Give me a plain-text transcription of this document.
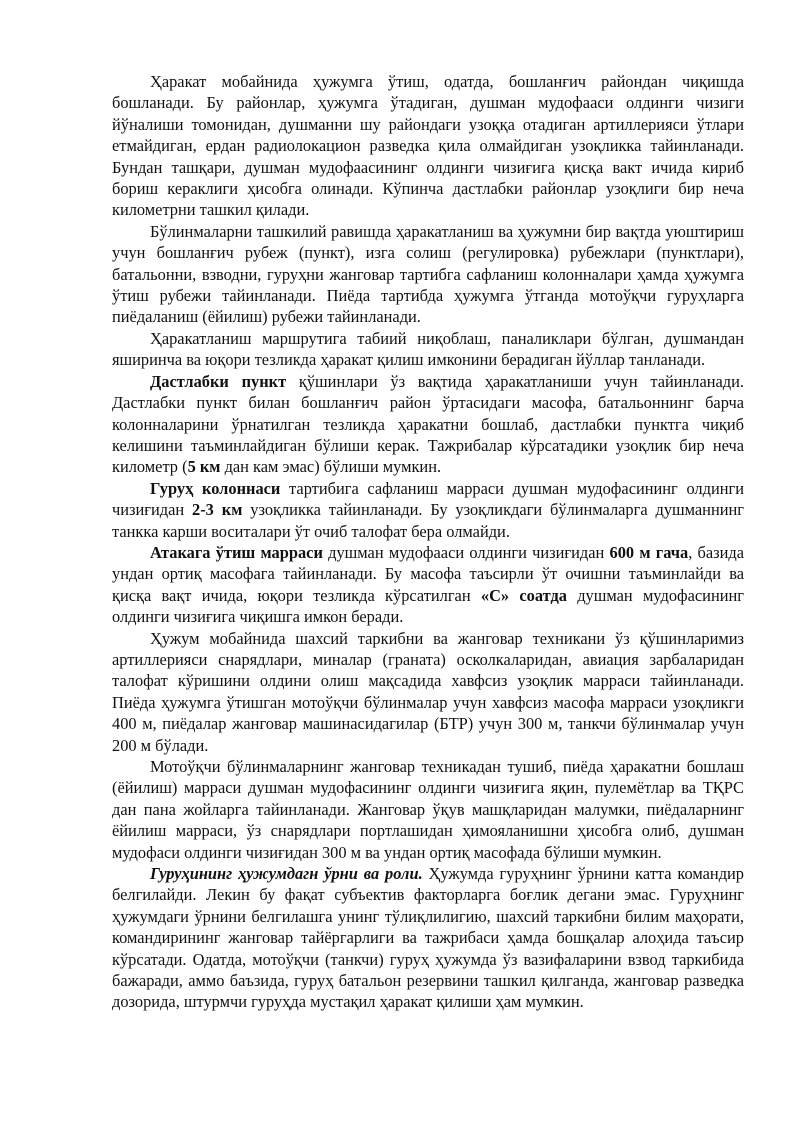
Ҳаракат мобайнида ҳужумга ўтиш, одатда, бошланғич райондан чиқишда бошланади. Бу районлар, ҳужумга ўтадиган, душман мудофааси олдинги чизиги йўналиши томонидан, душманни шу райондаги узоққа отадиган артиллерияси ўтлари етмайдиган, ердан радиолокацион разведка қила олмайдиган узоқликка тайинланади. Бундан ташқари, душман мудофаасининг олдинги чизиғига қисқа вакт ичида кириб бориш кераклиги ҳисобга олинади. Кўпинча дастлабки районлар узоқлиги бир неча километрни ташкил қилади.

Бўлинмаларни ташкилий равишда ҳаракатланиш ва ҳужумни бир вақтда уюштириш учун бошланғич рубеж (пункт), изга солиш (регулировка) рубежлари (пунктлари), батальонни, взводни, гуруҳни жанговар тартибга сафланиш колонналари ҳамда ҳужумга ўтиш рубежи тайинланади. Пиёда тартибда ҳужумга ўтганда мотоўқчи гуруҳларга пиёдаланиш (ёйилиш) рубежи тайинланади.

Ҳаракатланиш маршрутига табиий ниқоблаш, паналиклари бўлган, душмандан яширинча ва юқори тезликда ҳаракат қилиш имконини берадиган йўллар танланади.

Дастлабки пункт қўшинлари ўз вақтида ҳаракатланиши учун тайинланади. Дастлабки пункт билан бошланғич район ўртасидаги масофа, батальоннинг барча колонналарини ўрнатилган тезликда ҳаракатни бошлаб, дастлабки пунктга чиқиб келишини таъминлайдиган бўлиши керак. Тажрибалар кўрсатадики узоқлик бир неча километр (5 км дан кам эмас) бўлиши мумкин.

Гуруҳ колоннаси тартибига сафланиш марраси душман мудофасининг олдинги чизиғидан 2-3 км узоқликка тайинланади. Бу узоқликдаги бўлинмаларга душманнинг танкка карши воситалари ўт очиб талофат бера олмайди.

Атакага ўтиш марраси душман мудофааси олдинги чизиғидан 600 м гача, базида ундан ортиқ масофага тайинланади. Бу масофа таъсирли ўт очишни таъминлайди ва қисқа вақт ичида, юқори тезликда кўрсатилган «С» соатда душман мудофасининг олдинги чизиғига чиқишга имкон беради.

Ҳужум мобайнида шахсий таркибни ва жанговар техникани ўз қўшинларимиз артиллерияси снарядлари, миналар (граната) осколкаларидан, авиация зарбаларидан талофат кўришини олдини олиш мақсадида хавфсиз узоқлик марраси тайинланади. Пиёда ҳужумга ўтишган мотоўқчи бўлинмалар учун хавфсиз масофа марраси узоқликги 400 м, пиёдалар жанговар машинасидагилар (БТР) учун 300 м, танкчи бўлинмалар учун 200 м бўлади.

Мотоўқчи бўлинмаларнинг жанговар техникадан тушиб, пиёда ҳаракатни бошлаш (ёйилиш) марраси душман мудофасининг олдинги чизиғига яқин, пулемётлар ва ТҚРС дан пана жойларга тайинланади. Жанговар ўқув машқларидан малумки, пиёдаларнинг ёйилиш марраси, ўз снарядлари портлашидан ҳимояланишни ҳисобга олиб, душман мудофаси олдинги чизиғидан 300 м ва ундан ортиқ масофада бўлиши мумкин.

Гуруҳининг ҳужумдагн ўрни ва роли. Ҳужумда гуруҳнинг ўрнини катта командир белгилайди. Лекин бу фақат субъектив факторларга боғлик дегани эмас. Гуруҳнинг ҳужумдаги ўрнини белгилашга унинг тўлиқлилигию, шахсий таркибни билим маҳорати, командирининг жанговар тайёргарлиги ва тажрибаси ҳамда бошқалар алоҳида таъсир кўрсатади. Одатда, мотоўқчи (танкчи) гуруҳ ҳужумда ўз вазифаларини взвод таркибида бажаради, аммо баъзида, гуруҳ батальон резервини ташкил қилганда, жанговар разведка дозорида, штурмчи гуруҳда мустақил ҳаракат қилиши ҳам мумкин.
